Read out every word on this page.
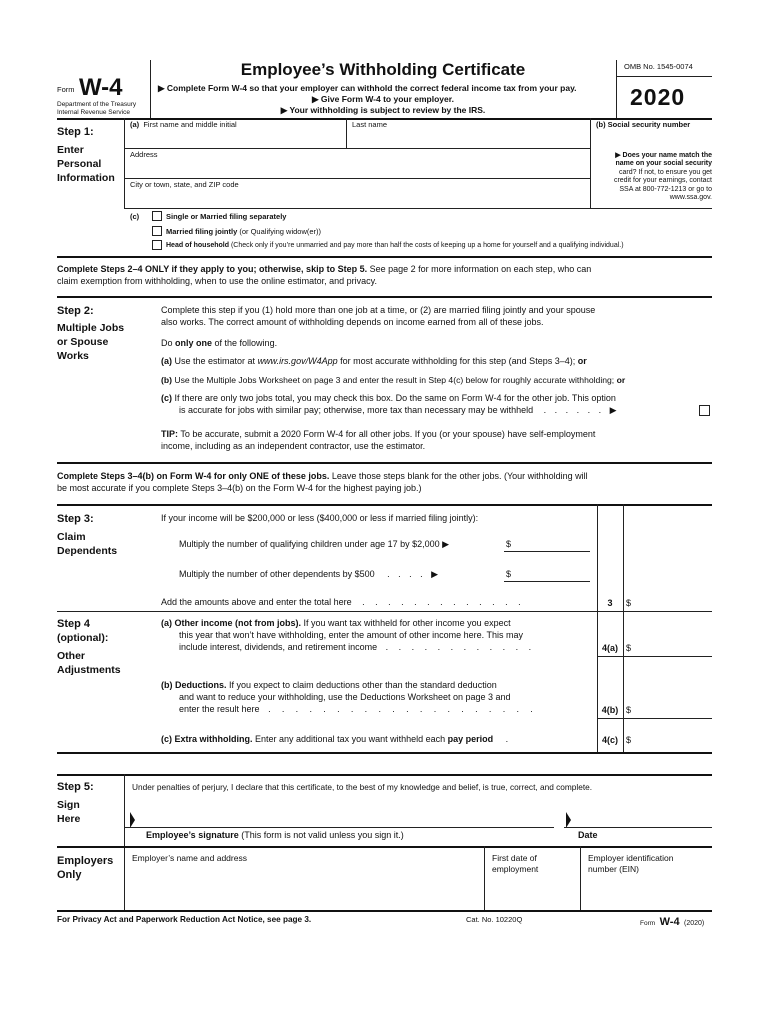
Form W-4
Department of the Treasury
Internal Revenue Service
Employee’s Withholding Certificate
▶ Complete Form W-4 so that your employer can withhold the correct federal income tax from your pay.
▶ Give Form W-4 to your employer.
▶ Your withholding is subject to review by the IRS.
OMB No. 1545-0074
2020
Step 1:
Enter
Personal
Information
(a) First name and middle initial	Last name	(b) Social security number
Address
City or town, state, and ZIP code
▶ Does your name match the
name on your social security
card? If not, to ensure you get
credit for your earnings, contact
SSA at 800-772-1213 or go to
www.ssa.gov.
(c)	Single or Married filing separately
Married filing jointly (or Qualifying widow(er))
Head of household (Check only if you’re unmarried and pay more than half the costs of keeping up a home for yourself and a qualifying individual.)
Complete Steps 2–4 ONLY if they apply to you; otherwise, skip to Step 5. See page 2 for more information on each step, who can
claim exemption from withholding, when to use the online estimator, and privacy.
Step 2:
Multiple Jobs
or Spouse
Works
Complete this step if you (1) hold more than one job at a time, or (2) are married filing jointly and your spouse
also works. The correct amount of withholding depends on income earned from all of these jobs.
Do only one of the following.
(a) Use the estimator at www.irs.gov/W4App for most accurate withholding for this step (and Steps 3–4); or
(b) Use the Multiple Jobs Worksheet on page 3 and enter the result in Step 4(c) below for roughly accurate withholding; or
(c) If there are only two jobs total, you may check this box. Do the same on Form W-4 for the other job. This option
is accurate for jobs with similar pay; otherwise, more tax than necessary may be withheld . . . . . . ▶
TIP: To be accurate, submit a 2020 Form W-4 for all other jobs. If you (or your spouse) have self-employment
income, including as an independent contractor, use the estimator.
Complete Steps 3–4(b) on Form W-4 for only ONE of these jobs. Leave those steps blank for the other jobs. (Your withholding will
be most accurate if you complete Steps 3–4(b) on the Form W-4 for the highest paying job.)
Step 3:
Claim
Dependents
If your income will be $200,000 or less ($400,000 or less if married filing jointly):
Multiply the number of qualifying children under age 17 by $2,000 ▶	$
Multiply the number of other dependents by $500 . . . . ▶	$
Add the amounts above and enter the total here . . . . . . . . . . . . .	3	$
Step 4
(optional):
Other
Adjustments
(a) Other income (not from jobs). If you want tax withheld for other income you expect
this year that won’t have withholding, enter the amount of other income here. This may
include interest, dividends, and retirement income . . . . . . . . . . . .	4(a) $
(b) Deductions. If you expect to claim deductions other than the standard deduction
and want to reduce your withholding, use the Deductions Worksheet on page 3 and
enter the result here . . . . . . . . . . . . . . . . . . . .	4(b) $
(c) Extra withholding. Enter any additional tax you want withheld each pay period .	4(c) $
Step 5:
Sign
Here
Under penalties of perjury, I declare that this certificate, to the best of my knowledge and belief, is true, correct, and complete.
Employee’s signature (This form is not valid unless you sign it.)	Date
Employers
Only
Employer’s name and address	First date of
employment
Employer identification
number (EIN)
For Privacy Act and Paperwork Reduction Act Notice, see page 3.	Cat. No. 10220Q	Form W-4 (2020)
